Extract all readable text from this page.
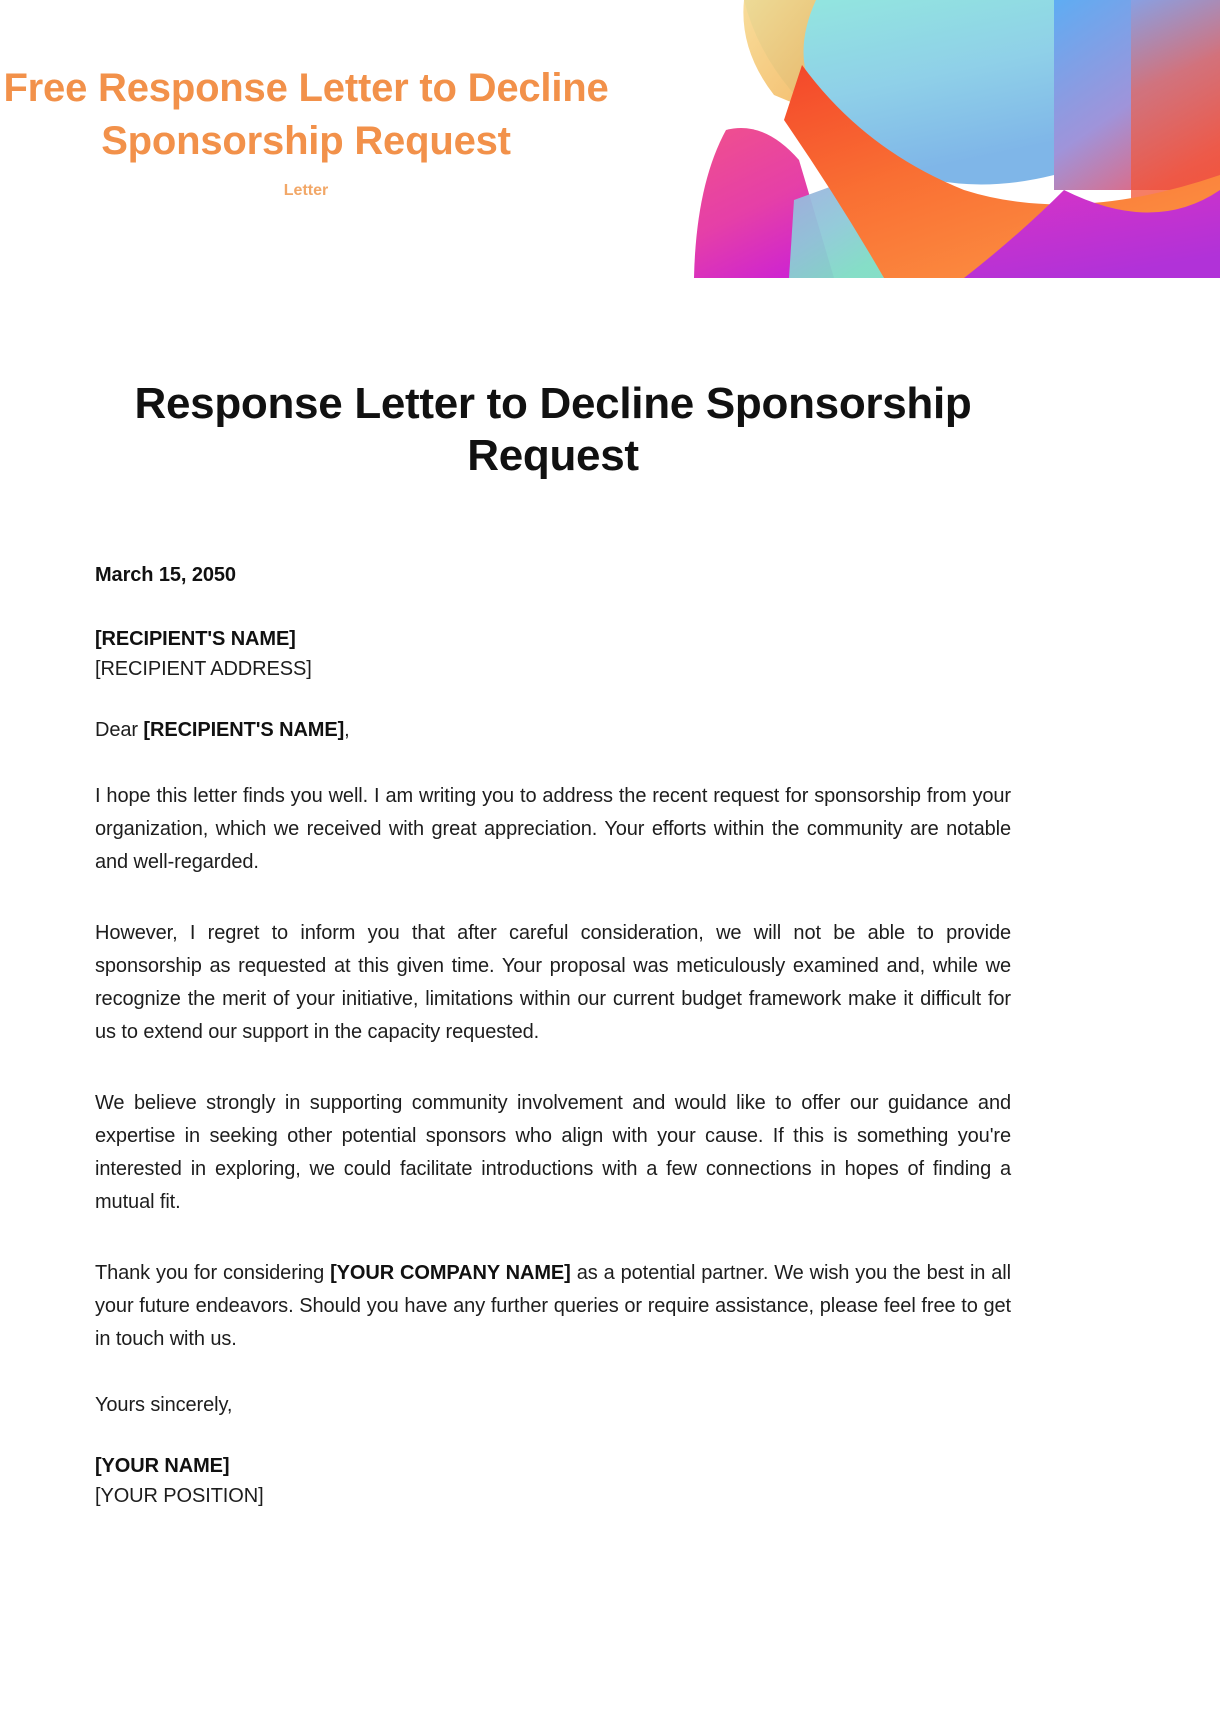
Free Response Letter to Decline
Sponsorship Request
Letter
Response Letter to Decline Sponsorship Request
March 15, 2050
[RECIPIENT'S NAME]
[RECIPIENT ADDRESS]
Dear [RECIPIENT'S NAME],

I hope this letter finds you well. I am writing you to address the recent request for sponsorship from your organization, which we received with great appreciation. Your efforts within the community are notable and well-regarded.

However, I regret to inform you that after careful consideration, we will not be able to provide sponsorship as requested at this given time. Your proposal was meticulously examined and, while we recognize the merit of your initiative, limitations within our current budget framework make it difficult for us to extend our support in the capacity requested.

We believe strongly in supporting community involvement and would like to offer our guidance and expertise in seeking other potential sponsors who align with your cause. If this is something you're interested in exploring, we could facilitate introductions with a few connections in hopes of finding a mutual fit.

Thank you for considering [YOUR COMPANY NAME] as a potential partner. We wish you the best in all your future endeavors. Should you have any further queries or require assistance, please feel free to get in touch with us.

Yours sincerely,
[YOUR NAME]
[YOUR POSITION]
